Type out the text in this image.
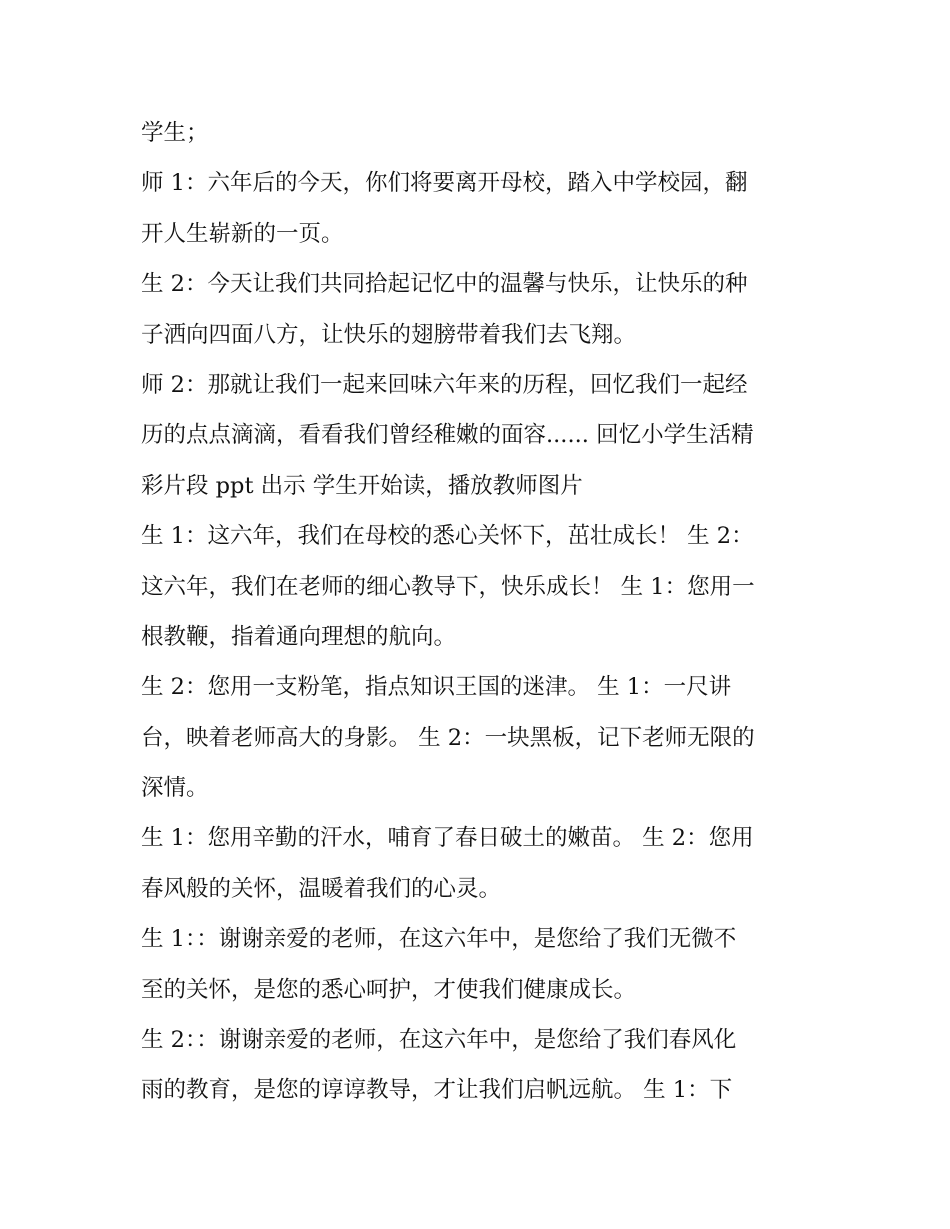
学生；
师 1：六年后的今天，你们将要离开母校，踏入中学校园，翻
开人生崭新的一页。
生 2：今天让我们共同拾起记忆中的温馨与快乐，让快乐的种
子洒向四面八方，让快乐的翅膀带着我们去飞翔。
师 2：那就让我们一起来回味六年来的历程，回忆我们一起经
历的点点滴滴，看看我们曾经稚嫩的面容...... 回忆小学生活精
彩片段 ppt 出示 学生开始读，播放教师图片
生 1：这六年，我们在母校的悉心关怀下，茁壮成长！ 生 2：
这六年，我们在老师的细心教导下，快乐成长！ 生 1：您用一
根教鞭，指着通向理想的航向。
生 2：您用一支粉笔，指点知识王国的迷津。 生 1：一尺讲
台，映着老师高大的身影。 生 2：一块黑板，记下老师无限的
深情。
生 1：您用辛勤的汗水，哺育了春日破土的嫩苗。 生 2：您用
春风般的关怀，温暖着我们的心灵。
生 1：：谢谢亲爱的老师，在这六年中，是您给了我们无微不
至的关怀，是您的悉心呵护，才使我们健康成长。
生 2：：谢谢亲爱的老师，在这六年中，是您给了我们春风化
雨的教育，是您的谆谆教导，才让我们启帆远航。 生 1：下
